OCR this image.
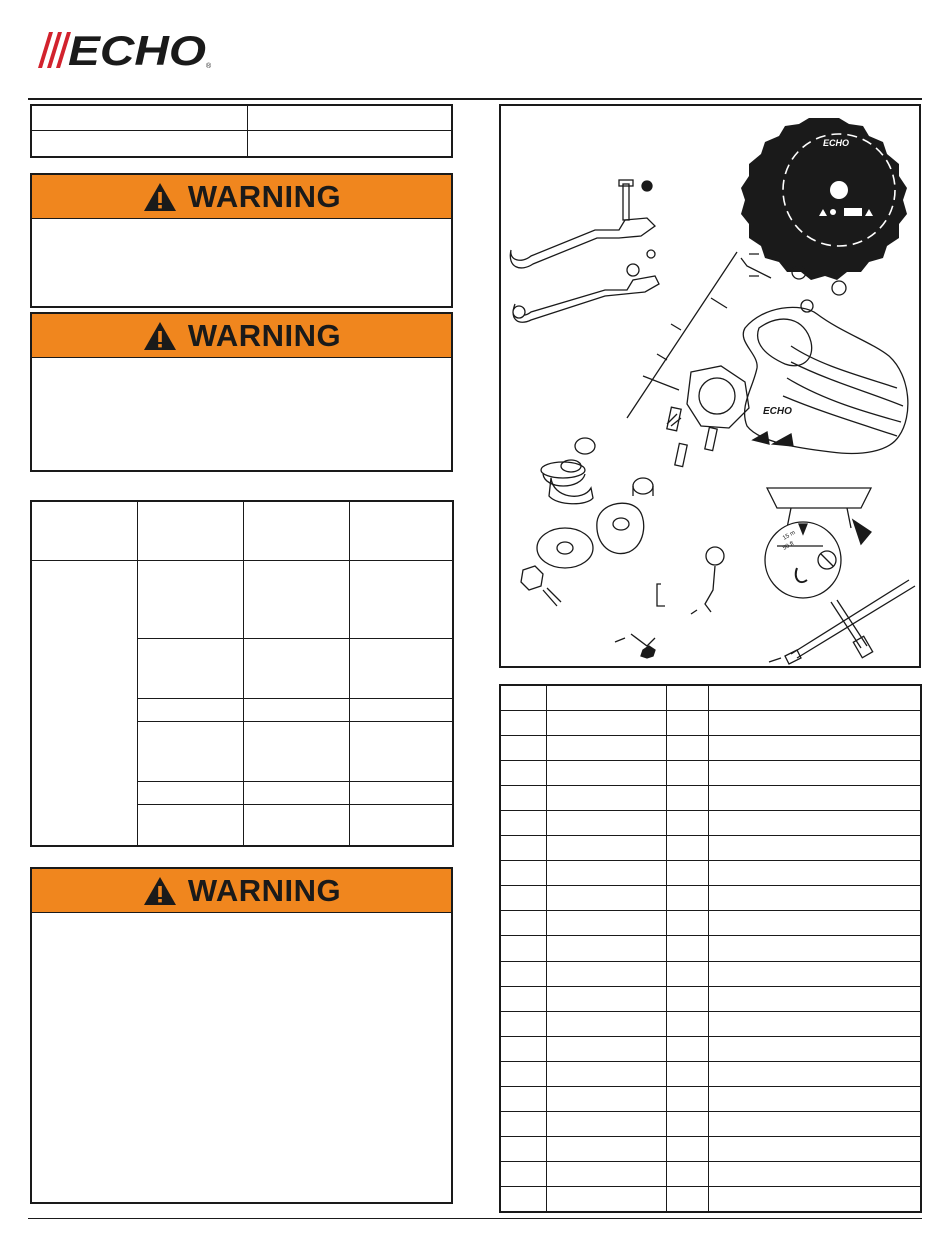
ECHO ®

WARNING
WARNING

WARNING
ECHO
ECHO
15 m
50 ft
